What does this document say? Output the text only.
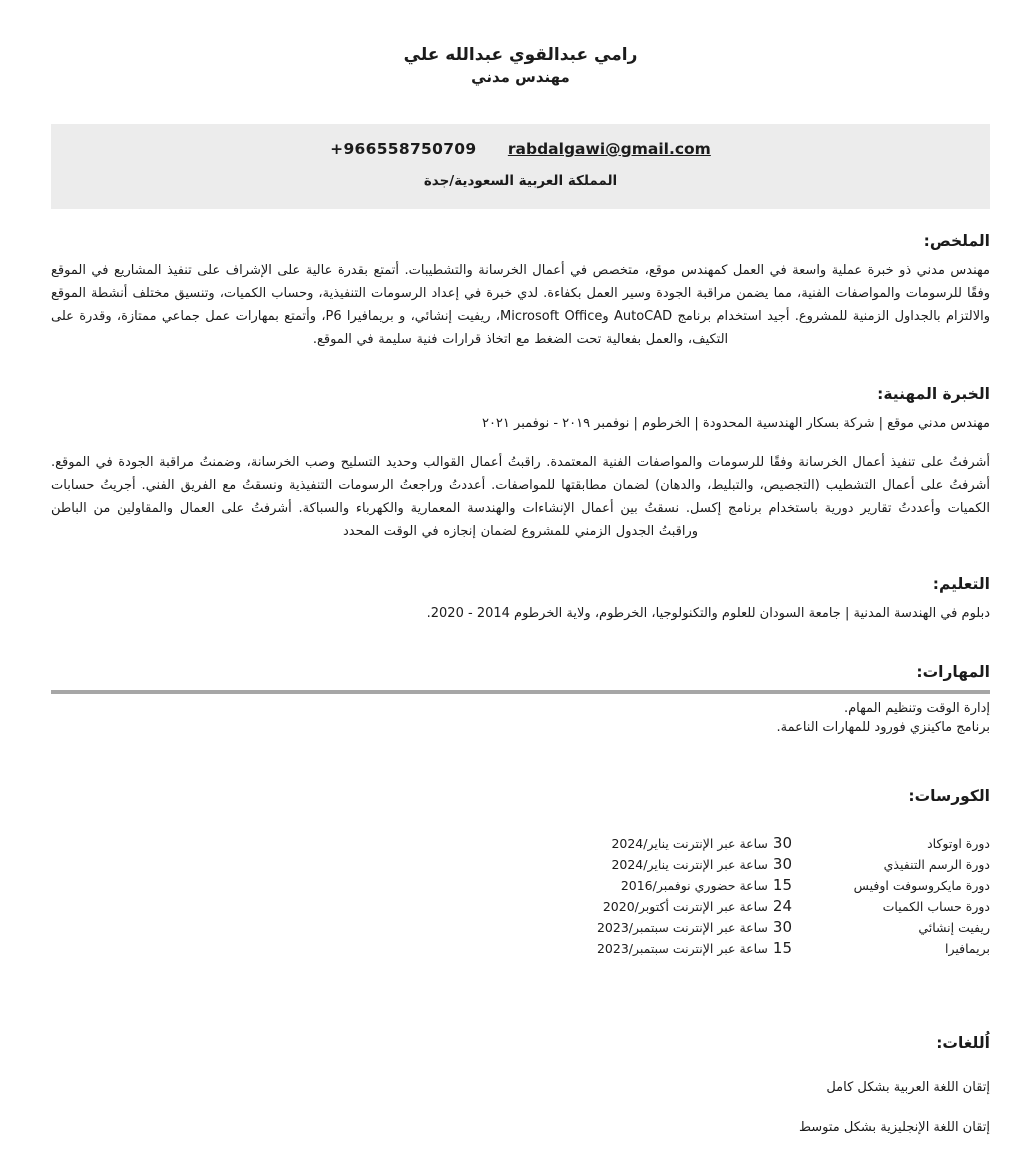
رامي عبدالقوي عبدالله علي
مهندس مدني
+966558750709 rabdalgawi@gmail.com
المملكة العربية السعودية/جدة
الملخص:
مهندس مدني ذو خبرة عملية واسعة في العمل كمهندس موقع، متخصص في أعمال الخرسانة والتشطيبات. أتمتع بقدرة عالية على الإشراف على تنفيذ المشاريع في الموقع وفقًا للرسومات والمواصفات الفنية، مما يضمن مراقبة الجودة وسير العمل بكفاءة. لدي خبرة في إعداد الرسومات التنفيذية، وحساب الكميات، وتنسيق مختلف أنشطة الموقع والالتزام بالجداول الزمنية للمشروع. أجيد استخدام برنامج AutoCAD وMicrosoft Office، ريفيت إنشائي، و بريمافيرا P6، وأتمتع بمهارات عمل جماعي ممتازة، وقدرة على التكيف، والعمل بفعالية تحت الضغط مع اتخاذ قرارات فنية سليمة في الموقع.
الخبرة المهنية:
مهندس مدني موقع | شركة بسكار الهندسية المحدودة | الخرطوم | نوفمبر ٢٠١٩ - نوفمبر ٢٠٢١
أشرفتُ على تنفيذ أعمال الخرسانة وفقًا للرسومات والمواصفات الفنية المعتمدة. راقبتُ أعمال القوالب وحديد التسليح وصب الخرسانة، وضمنتُ مراقبة الجودة في الموقع. أشرفتُ على أعمال التشطيب (التجصيص، والتبليط، والدهان) لضمان مطابقتها للمواصفات. أعددتُ وراجعتُ الرسومات التنفيذية ونسقتُ مع الفريق الفني. أجريتُ حسابات الكميات وأعددتُ تقارير دورية باستخدام برنامج إكسل. نسقتُ بين أعمال الإنشاءات والهندسة المعمارية والكهرباء والسباكة. أشرفتُ على العمال والمقاولين من الباطن وراقبتُ الجدول الزمني للمشروع لضمان إنجازه في الوقت المحدد
التعليم:
دبلوم في الهندسة المدنية | جامعة السودان للعلوم والتكنولوجيا، الخرطوم، ولاية الخرطوم 2014 - 2020.
المهارات:
إدارة الوقت وتنظيم المهام.
برنامج ماكينزي فورود للمهارات الناعمة.
الكورسات:
دورة اوتوكاد
30ساعة عبر الإنترنت يناير/2024
دورة الرسم التنفيذي
30ساعة عبر الإنترنت يناير/2024
دورة مايكروسوفت اوفيس
15ساعة حضوري نوفمبر/2016
دورة حساب الكميات
24ساعة عبر الإنترنت أكتوبر/2020
ريفيت إنشائي
30ساعة عبر الإنترنت سبتمبر/2023
بريمافيرا
15ساعة عبر الإنترنت سبتمبر/2023
اُللغات:
إتقان اللغة العربية بشكل كامل
إتقان اللغة الإنجليزية بشكل متوسط
